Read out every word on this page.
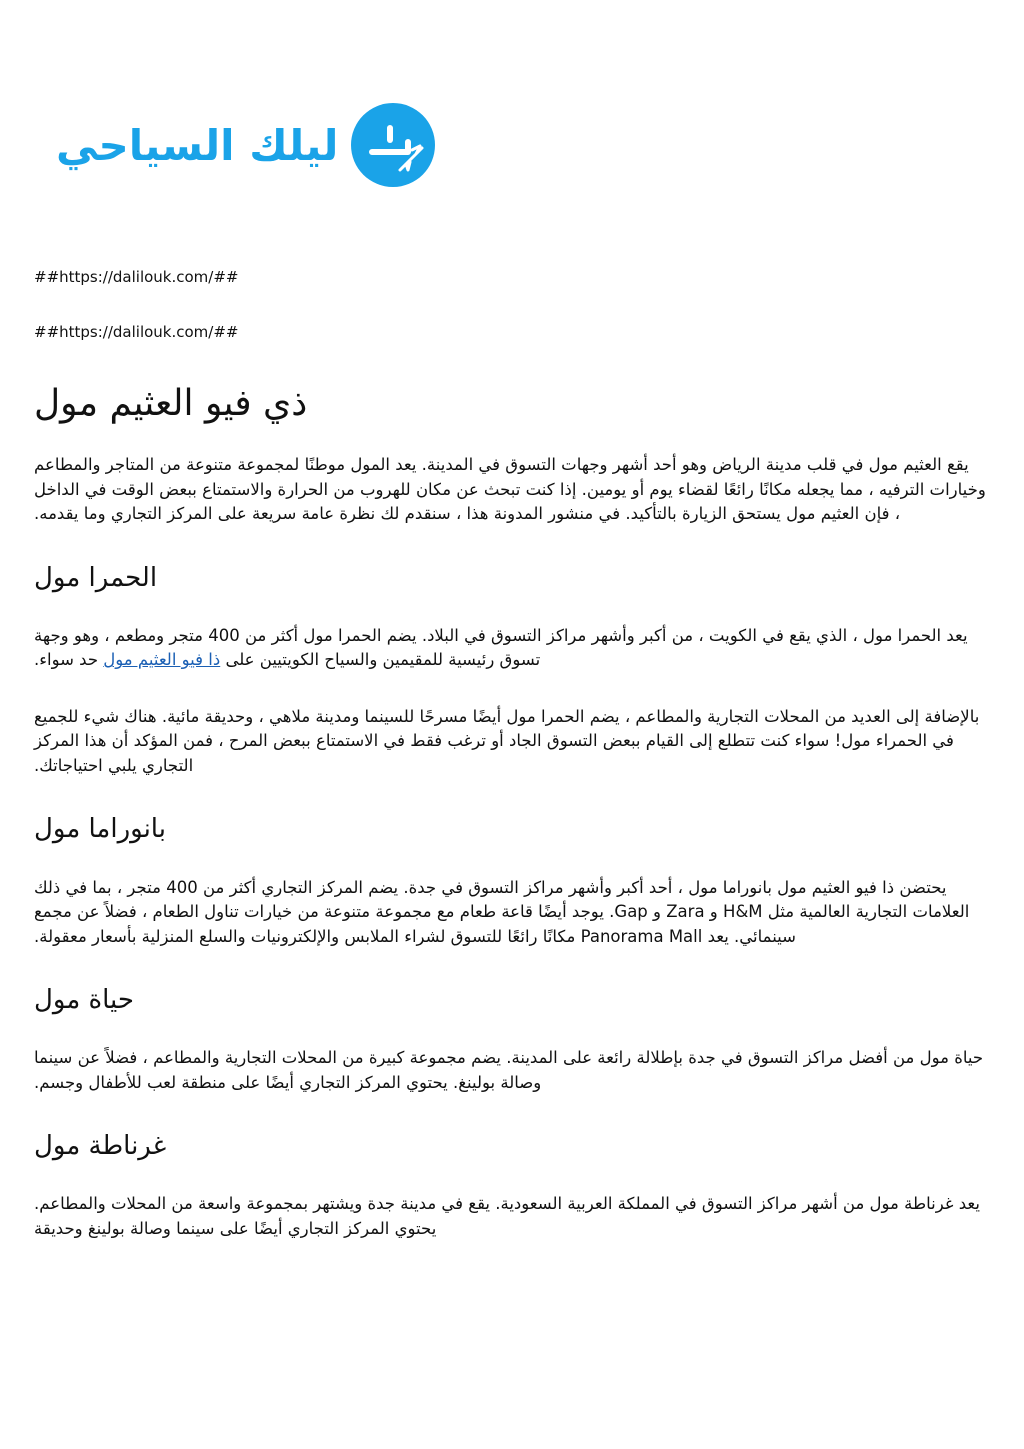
ليلك السياحي
##https://dalilouk.com/##
##https://dalilouk.com/##
ذي فيو العثيم مول

يقع العثيم مول في قلب مدينة الرياض وهو أحد أشهر وجهات التسوق في المدينة. يعد المول موطنًا لمجموعة متنوعة من المتاجر والمطاعم وخيارات الترفيه ، مما يجعله مكانًا رائعًا لقضاء يوم أو يومين. إذا كنت تبحث عن مكان للهروب من الحرارة والاستمتاع ببعض الوقت في الداخل ، فإن العثيم مول يستحق الزيارة بالتأكيد. في منشور المدونة هذا ، سنقدم لك نظرة عامة سريعة على المركز التجاري وما يقدمه.

الحمرا مول

يعد الحمرا مول ، الذي يقع في الكويت ، من أكبر وأشهر مراكز التسوق في البلاد. يضم الحمرا مول أكثر من 400 متجر ومطعم ، وهو وجهة تسوق رئيسية للمقيمين والسياح الكويتيين على ذا فيو العثيم مول حد سواء.

بالإضافة إلى العديد من المحلات التجارية والمطاعم ، يضم الحمرا مول أيضًا مسرحًا للسينما ومدينة ملاهي ، وحديقة مائية. هناك شيء للجميع في الحمراء مول! سواء كنت تتطلع إلى القيام ببعض التسوق الجاد أو ترغب فقط في الاستمتاع ببعض المرح ، فمن المؤكد أن هذا المركز التجاري يلبي احتياجاتك.

بانوراما مول

يحتضن ذا فيو العثيم مول بانوراما مول ، أحد أكبر وأشهر مراكز التسوق في جدة. يضم المركز التجاري أكثر من 400 متجر ، بما في ذلك العلامات التجارية العالمية مثل H&M و Zara و Gap. يوجد أيضًا قاعة طعام مع مجموعة متنوعة من خيارات تناول الطعام ، فضلاً عن مجمع سينمائي. يعد Panorama Mall مكانًا رائعًا للتسوق لشراء الملابس والإلكترونيات والسلع المنزلية بأسعار معقولة.

حياة مول

حياة مول من أفضل مراكز التسوق في جدة بإطلالة رائعة على المدينة. يضم مجموعة كبيرة من المحلات التجارية والمطاعم ، فضلاً عن سينما وصالة بولينغ. يحتوي المركز التجاري أيضًا على منطقة لعب للأطفال وجسم.

غرناطة مول

يعد غرناطة مول من أشهر مراكز التسوق في المملكة العربية السعودية. يقع في مدينة جدة ويشتهر بمجموعة واسعة من المحلات والمطاعم. يحتوي المركز التجاري أيضًا على سينما وصالة بولينغ وحديقة
